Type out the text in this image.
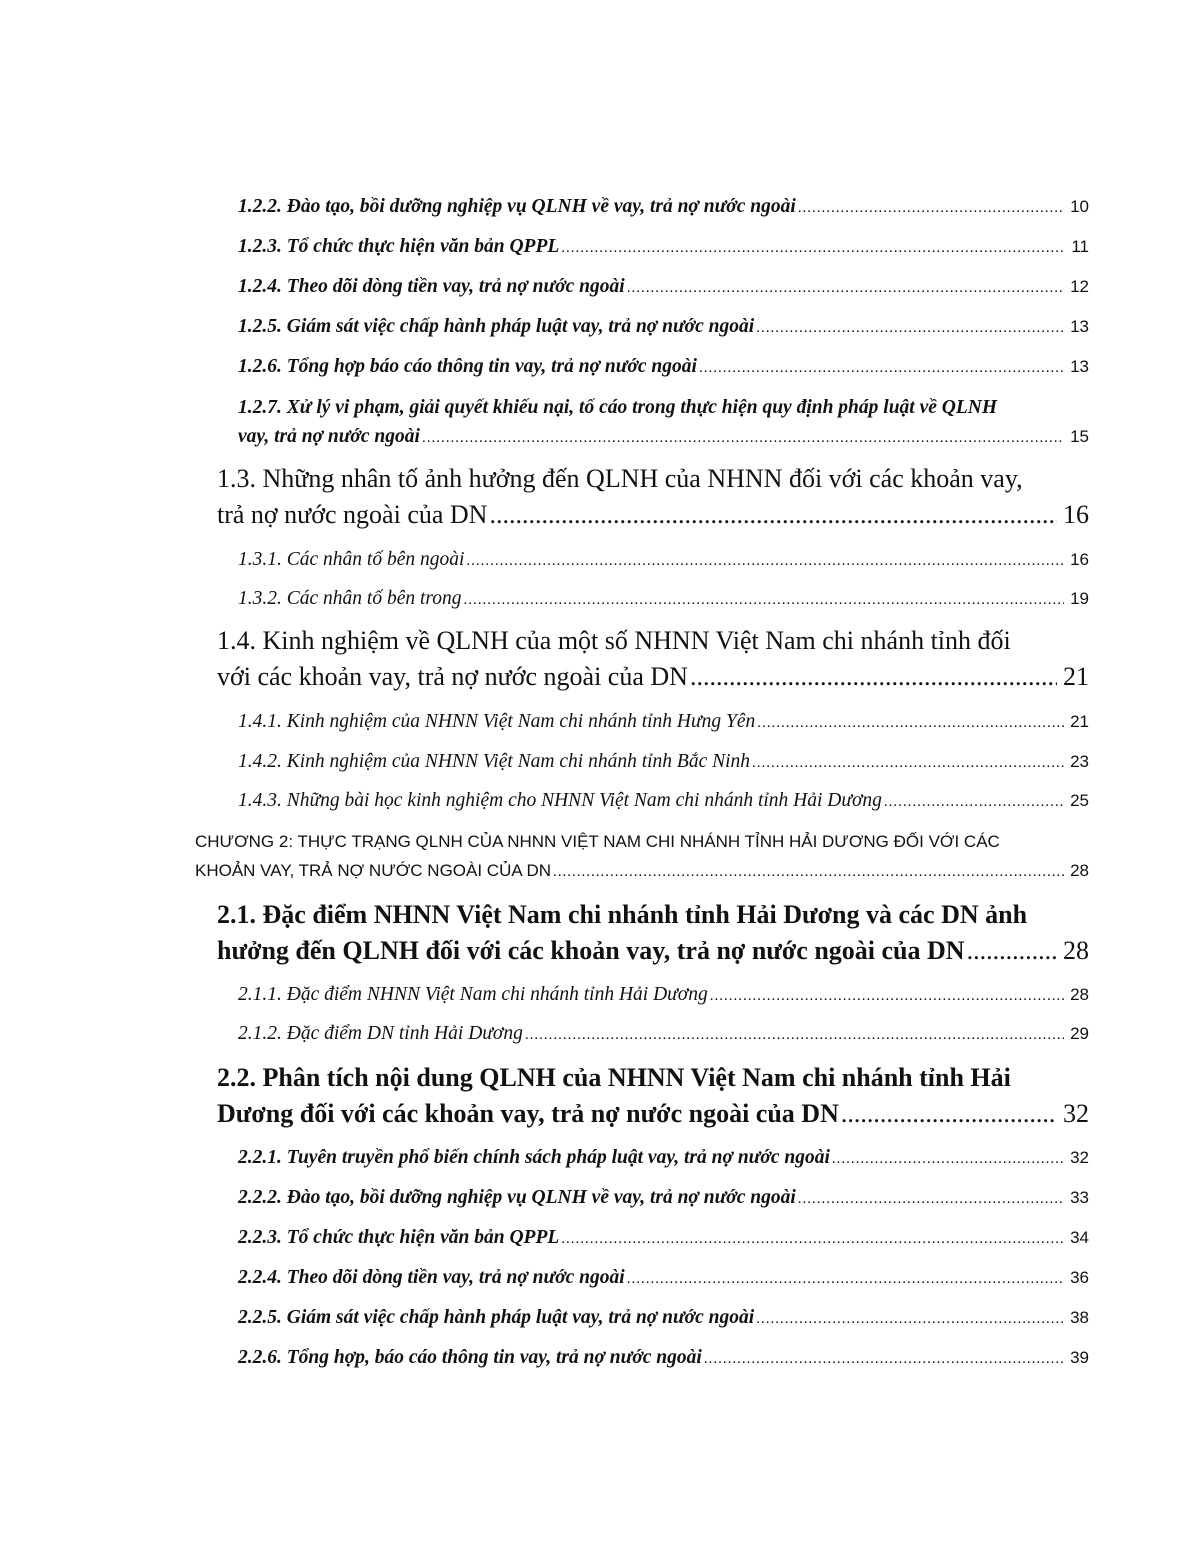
1.2.2. Đào tạo, bồi dưỡng nghiệp vụ QLNH về vay, trả nợ nước ngoài .....	10
1.2.3. Tổ chức thực hiện văn bản QPPL .....	11
1.2.4. Theo dõi dòng tiền vay, trả nợ nước ngoài .....	12
1.2.5. Giám sát việc chấp hành pháp luật vay, trả nợ nước ngoài .....	13
1.2.6. Tổng hợp báo cáo thông tin vay, trả nợ nước ngoài .....	13
1.2.7. Xử lý vi phạm, giải quyết khiếu nại, tố cáo trong thực hiện quy định pháp luật về QLNH
vay, trả nợ nước ngoài .....	15
1.3. Những nhân tố ảnh hưởng đến QLNH của NHNN đối với các khoản vay,
trả nợ nước ngoài của DN .....	16
1.3.1. Các nhân tố bên ngoài .....	16
1.3.2. Các nhân tố bên trong .....	19
1.4. Kinh nghiệm về QLNH của một số NHNN Việt Nam chi nhánh tỉnh đối
với các khoản vay, trả nợ nước ngoài của DN .....	21
1.4.1. Kinh nghiệm của NHNN Việt Nam chi nhánh tỉnh Hưng Yên .....	21
1.4.2. Kinh nghiệm của NHNN Việt Nam chi nhánh tỉnh Bắc Ninh .....	23
1.4.3. Những bài học kinh nghiệm cho NHNN Việt Nam chi nhánh tỉnh Hải Dương .....	25
CHƯƠNG 2: THỰC TRẠNG QLNH CỦA NHNN VIỆT NAM CHI NHÁNH TỈNH HẢI DƯƠNG ĐỐI VỚI CÁC
KHOẢN VAY, TRẢ NỢ NƯỚC NGOÀI CỦA DN .....	28
2.1. Đặc điểm NHNN Việt Nam chi nhánh tỉnh Hải Dương và các DN ảnh
hưởng đến QLNH đối với các khoản vay, trả nợ nước ngoài của DN .....	28
2.1.1. Đặc điểm NHNN Việt Nam chi nhánh tỉnh Hải Dương .....	28
2.1.2. Đặc điểm DN tỉnh Hải Dương .....	29
2.2. Phân tích nội dung QLNH của NHNN Việt Nam chi nhánh tỉnh Hải
Dương đối với các khoản vay, trả nợ nước ngoài của DN .....	32
2.2.1. Tuyên truyền phổ biến chính sách pháp luật vay, trả nợ nước ngoài .....	32
2.2.2. Đào tạo, bồi dưỡng nghiệp vụ QLNH về vay, trả nợ nước ngoài .....	33
2.2.3. Tổ chức thực hiện văn bản QPPL .....	34
2.2.4. Theo dõi dòng tiền vay, trả nợ nước ngoài .....	36
2.2.5. Giám sát việc chấp hành pháp luật vay, trả nợ nước ngoài .....	38
2.2.6. Tổng hợp, báo cáo thông tin vay, trả nợ nước ngoài .....	39
